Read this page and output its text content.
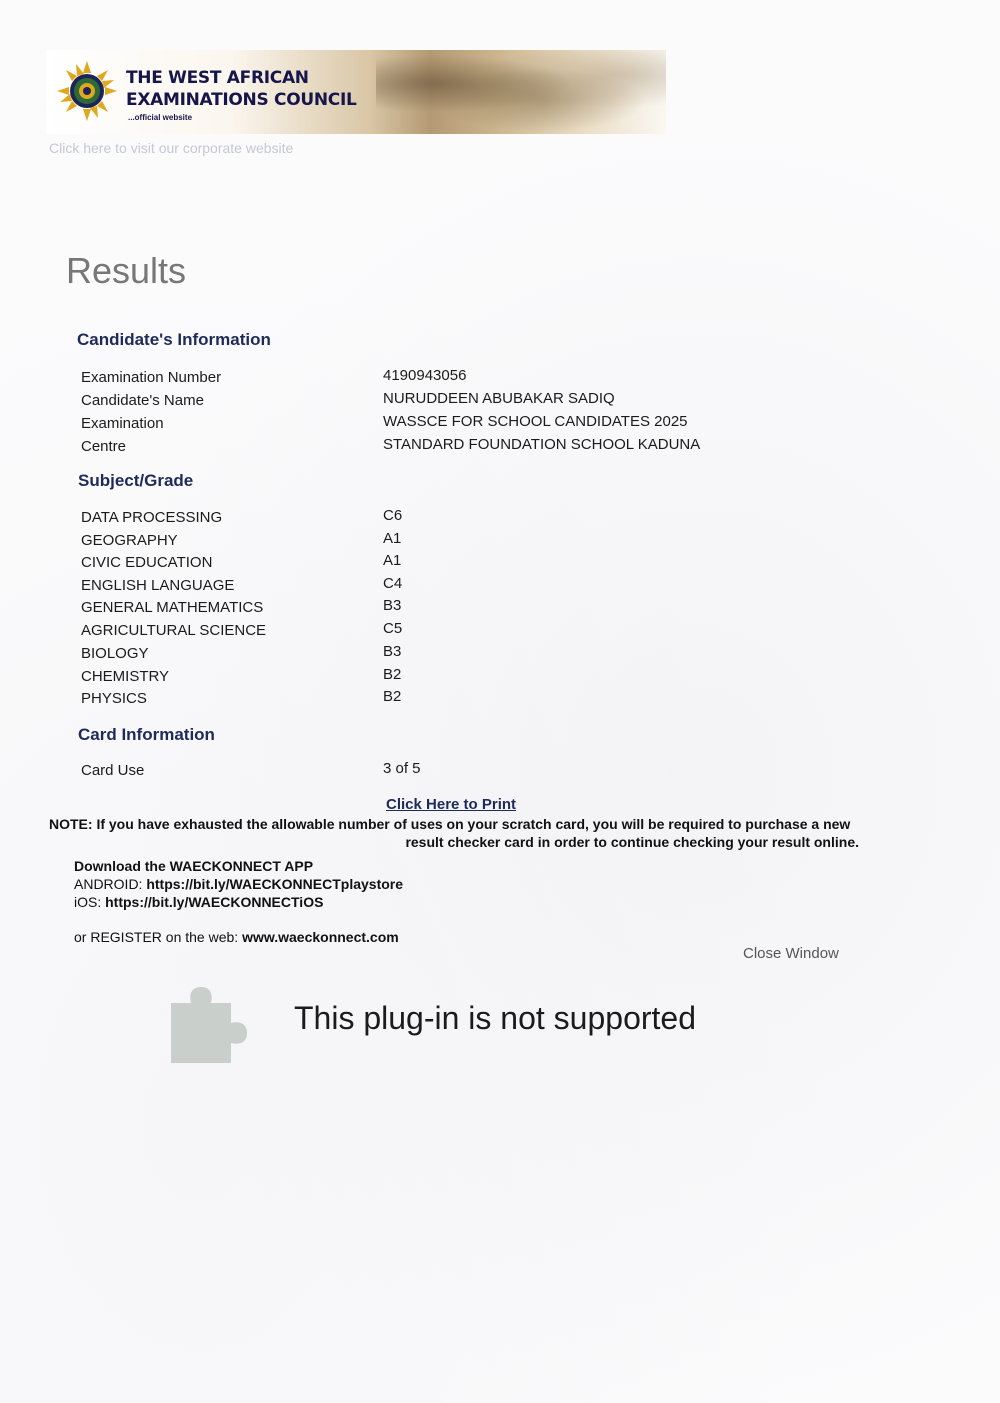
THE WEST AFRICAN
EXAMINATIONS COUNCIL
...official website
Click here to visit our corporate website
Results
Candidate's Information
Examination Number	4190943056
Candidate's Name	NURUDDEEN ABUBAKAR SADIQ
Examination	WASSCE FOR SCHOOL CANDIDATES 2025
Centre	STANDARD FOUNDATION SCHOOL KADUNA
Subject/Grade
DATA PROCESSING	C6
GEOGRAPHY	A1
CIVIC EDUCATION	A1
ENGLISH LANGUAGE	C4
GENERAL MATHEMATICS	B3
AGRICULTURAL SCIENCE	C5
BIOLOGY	B3
CHEMISTRY	B2
PHYSICS	B2
Card Information
Card Use	3 of 5
Click Here to Print
NOTE: If you have exhausted the allowable number of uses on your scratch card, you will be required to purchase a new
result checker card in order to continue checking your result online.
Download the WAECKONNECT APP
ANDROID: https://bit.ly/WAECKONNECTplaystore
iOS: https://bit.ly/WAECKONNECTiOS
or REGISTER on the web: www.waeckonnect.com
Close Window
This plug-in is not supported
